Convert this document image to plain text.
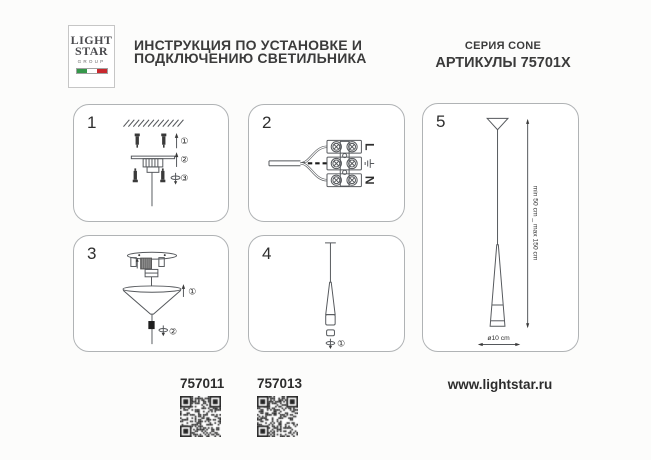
LIGHT
STAR
GROUP
ИНСТРУКЦИЯ ПО УСТАНОВКЕ И
ПОДКЛЮЧЕНИЮ СВЕТИЛЬНИКА
СЕРИЯ CONE
АРТИКУЛЫ 75701X
1
①
②
③
2
L
N
3
①
②
4
①
5
min 50 cm _ max 150 cm
ø10 cm
757011 757013	www.lightstar.ru
